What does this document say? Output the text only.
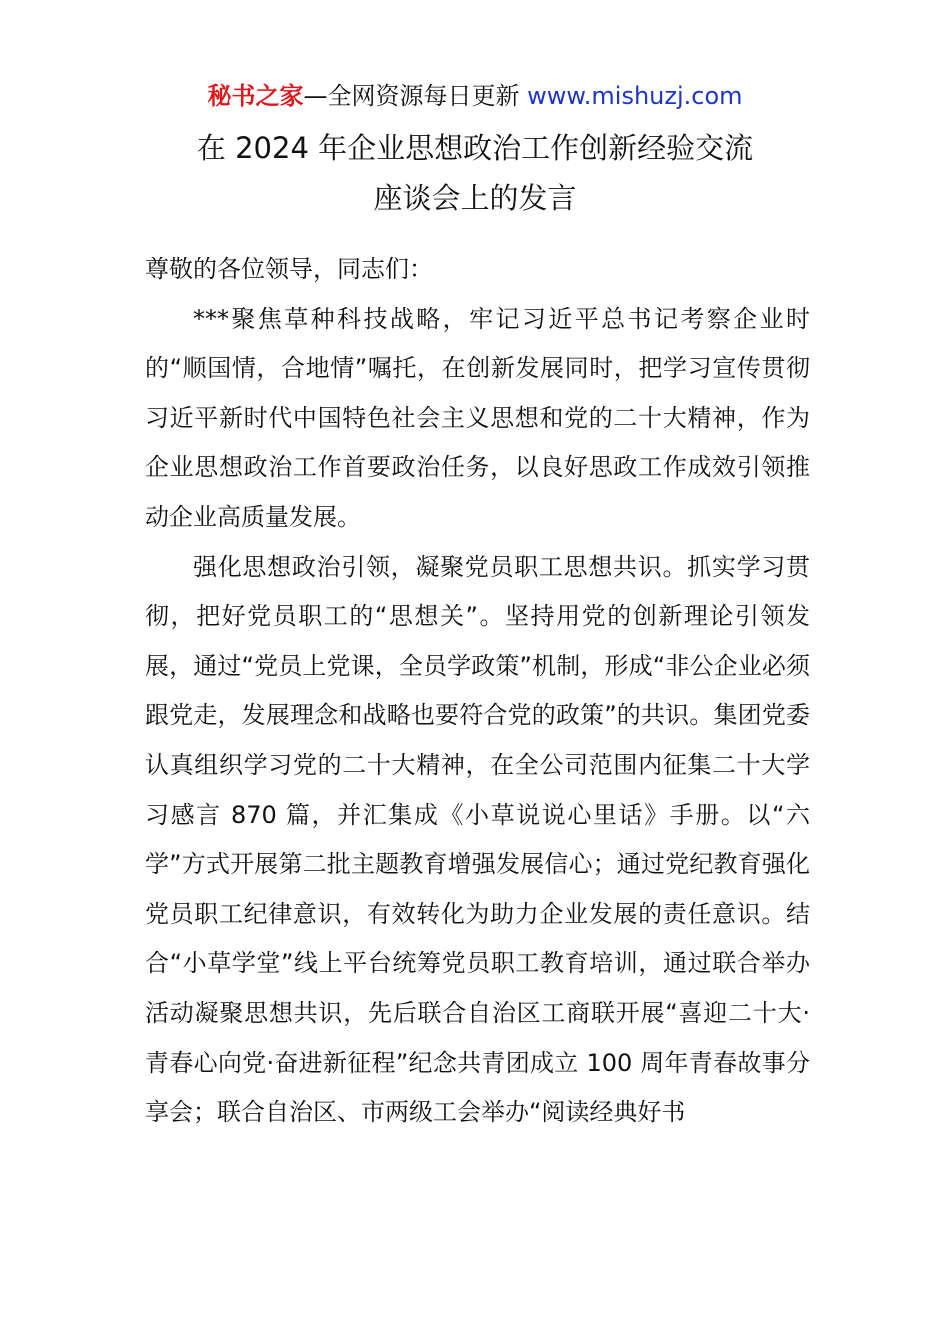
秘书之家—全网资源每日更新 www.mishuzj.com
在 2024 年企业思想政治工作创新经验交流
座谈会上的发言

尊敬的各位领导，同志们：

***聚焦草种科技战略，牢记习近平总书记考察企业时的“顺国情，合地情”嘱托，在创新发展同时，把学习宣传贯彻习近平新时代中国特色社会主义思想和党的二十大精神，作为企业思想政治工作首要政治任务，以良好思政工作成效引领推动企业高质量发展。

强化思想政治引领，凝聚党员职工思想共识。抓实学习贯彻，把好党员职工的“思想关”。坚持用党的创新理论引领发展，通过“党员上党课，全员学政策”机制，形成“非公企业必须跟党走，发展理念和战略也要符合党的政策”的共识。集团党委认真组织学习党的二十大精神，在全公司范围内征集二十大学习感言 870 篇，并汇集成《小草说说心里话》手册。以“六学”方式开展第二批主题教育增强发展信心；通过党纪教育强化党员职工纪律意识，有效转化为助力企业发展的责任意识。结合“小草学堂”线上平台统筹党员职工教育培训，通过联合举办活动凝聚思想共识，先后联合自治区工商联开展“喜迎二十大·青春心向党·奋进新征程”纪念共青团成立 100 周年青春故事分享会；联合自治区、市两级工会举办“阅读经典好书
